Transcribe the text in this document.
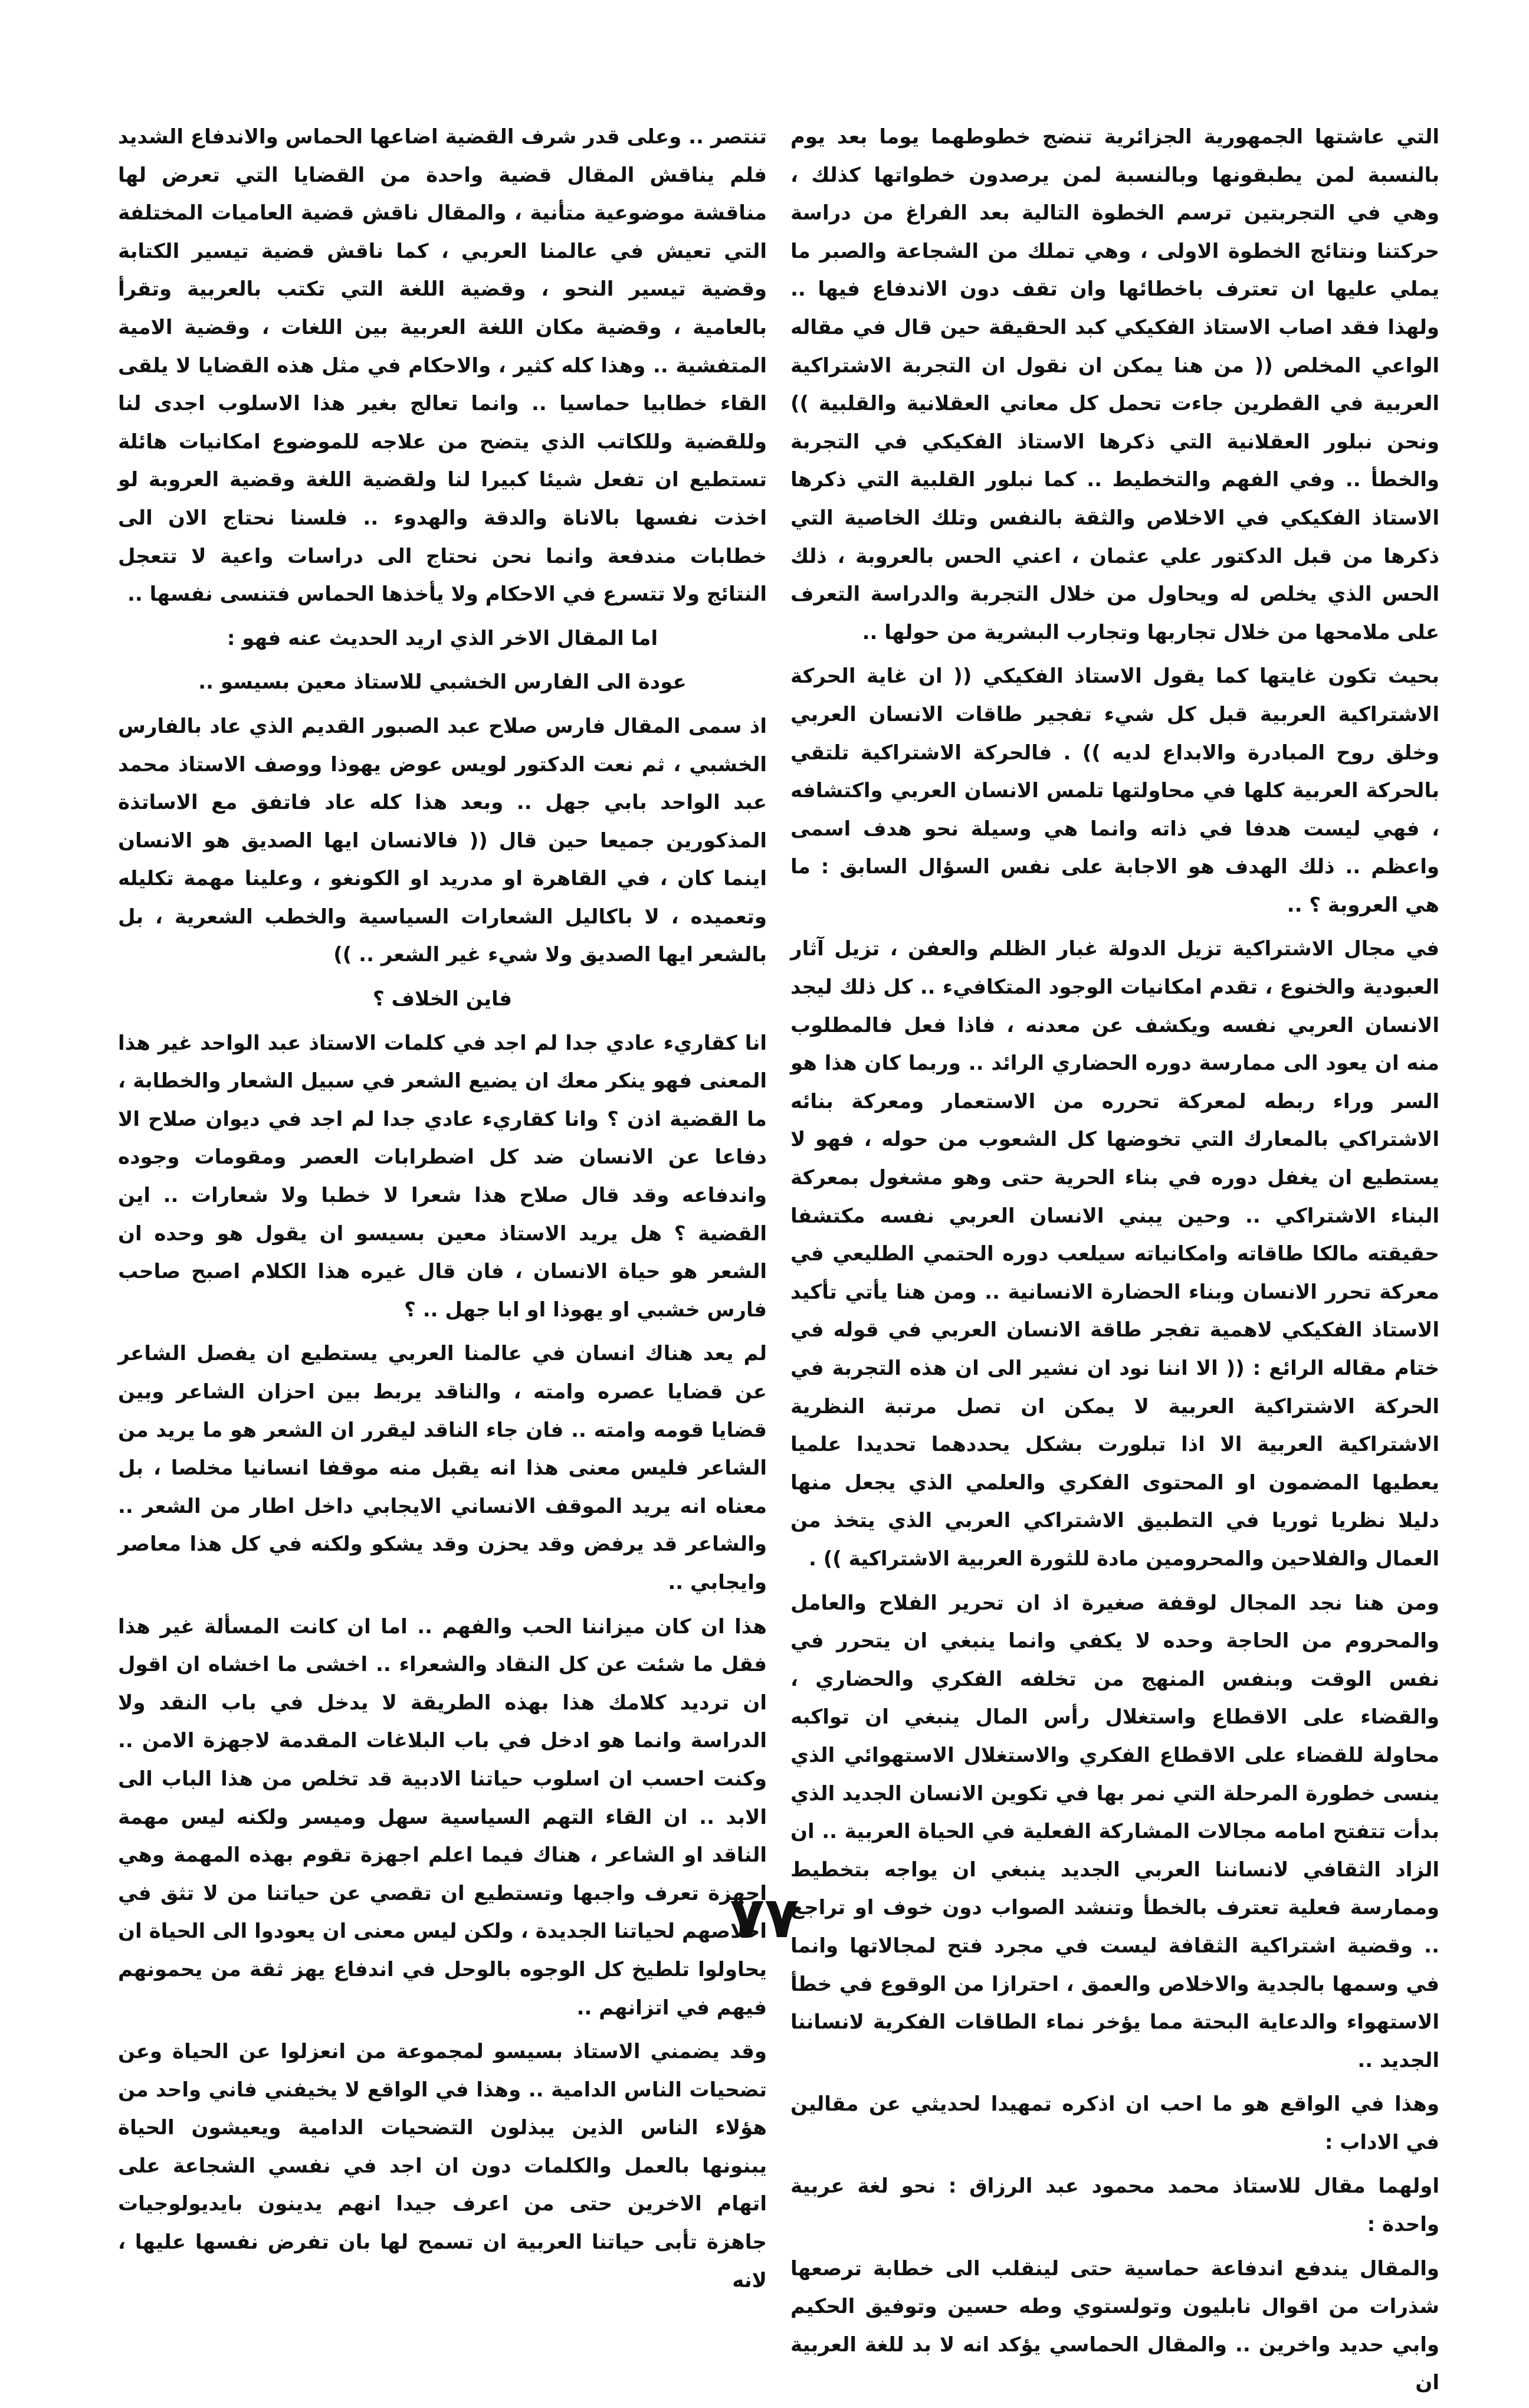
التي عاشتها الجمهورية الجزائرية تنضج خطوطهما يوما بعد يوم بالنسبة لمن يطبقونها وبالنسبة لمن يرصدون خطواتها كذلك ، وهي في التجربتين ترسم الخطوة التالية بعد الفراغ من دراسة حركتنا ونتائج الخطوة الاولى ، وهي تملك من الشجاعة والصبر ما يملي عليها ان تعترف باخطائها وان تقف دون الاندفاع فيها .. ولهذا فقد اصاب الاستاذ الفكيكي كبد الحقيقة حين قال في مقاله الواعي المخلص (( من هنا يمكن ان نقول ان التجربة الاشتراكية العربية في القطرين جاءت تحمل كل معاني العقلانية والقلبية )) ونحن نبلور العقلانية التي ذكرها الاستاذ الفكيكي في التجربة والخطأ .. وفي الفهم والتخطيط .. كما نبلور القلبية التي ذكرها الاستاذ الفكيكي في الاخلاص والثقة بالنفس وتلك الخاصية التي ذكرها من قبل الدكتور علي عثمان ، اعني الحس بالعروبة ، ذلك الحس الذي يخلص له ويحاول من خلال التجربة والدراسة التعرف على ملامحها من خلال تجاربها وتجارب البشرية من حولها ..

بحيث تكون غايتها كما يقول الاستاذ الفكيكي (( ان غاية الحركة الاشتراكية العربية قبل كل شيء تفجير طاقات الانسان العربي وخلق روح المبادرة والابداع لديه )) . فالحركة الاشتراكية تلتقي بالحركة العربية كلها في محاولتها تلمس الانسان العربي واكتشافه ، فهي ليست هدفا في ذاته وانما هي وسيلة نحو هدف اسمى واعظم .. ذلك الهدف هو الاجابة على نفس السؤال السابق : ما هي العروبة ؟ ..

في مجال الاشتراكية تزيل الدولة غبار الظلم والعفن ، تزيل آثار العبودية والخنوع ، تقدم امكانيات الوجود المتكافيء .. كل ذلك ليجد الانسان العربي نفسه ويكشف عن معدنه ، فاذا فعل فالمطلوب منه ان يعود الى ممارسة دوره الحضاري الرائد .. وربما كان هذا هو السر وراء ربطه لمعركة تحرره من الاستعمار ومعركة بنائه الاشتراكي بالمعارك التي تخوضها كل الشعوب من حوله ، فهو لا يستطيع ان يغفل دوره في بناء الحرية حتى وهو مشغول بمعركة البناء الاشتراكي .. وحين يبني الانسان العربي نفسه مكتشفا حقيقته مالكا طاقاته وامكانياته سيلعب دوره الحتمي الطليعي في معركة تحرر الانسان وبناء الحضارة الانسانية .. ومن هنا يأتي تأكيد الاستاذ الفكيكي لاهمية تفجر طاقة الانسان العربي في قوله في ختام مقاله الرائع : (( الا اننا نود ان نشير الى ان هذه التجربة في الحركة الاشتراكية العربية لا يمكن ان تصل مرتبة النظرية الاشتراكية العربية الا اذا تبلورت بشكل يحددهما تحديدا علميا يعطيها المضمون او المحتوى الفكري والعلمي الذي يجعل منها دليلا نظريا ثوريا في التطبيق الاشتراكي العربي الذي يتخذ من العمال والفلاحين والمحرومين مادة للثورة العربية الاشتراكية )) .

ومن هنا نجد المجال لوقفة صغيرة اذ ان تحرير الفلاح والعامل والمحروم من الحاجة وحده لا يكفي وانما ينبغي ان يتحرر في نفس الوقت وبنفس المنهج من تخلفه الفكري والحضاري ، والقضاء على الاقطاع واستغلال رأس المال ينبغي ان تواكبه محاولة للقضاء على الاقطاع الفكري والاستغلال الاستهوائي الذي ينسى خطورة المرحلة التي نمر بها في تكوين الانسان الجديد الذي بدأت تتفتح امامه مجالات المشاركة الفعلية في الحياة العربية .. ان الزاد الثقافي لانساننا العربي الجديد ينبغي ان يواجه بتخطيط وممارسة فعلية تعترف بالخطأ وتنشد الصواب دون خوف او تراجع .. وقضية اشتراكية الثقافة ليست في مجرد فتح لمجالاتها وانما في وسمها بالجدية والاخلاص والعمق ، احترازا من الوقوع في خطأ الاستهواء والدعاية البحتة مما يؤخر نماء الطاقات الفكرية لانساننا الجديد ..

وهذا في الواقع هو ما احب ان اذكره تمهيدا لحديثي عن مقالين في الاداب :

اولهما مقال للاستاذ محمد محمود عبد الرزاق : نحو لغة عربية واحدة :

والمقال يندفع اندفاعة حماسية حتى لينقلب الى خطابة ترصعها شذرات من اقوال نابليون وتولستوي وطه حسين وتوفيق الحكيم وابي حديد واخرين .. والمقال الحماسي يؤكد انه لا بد للغة العربية ان

تنتصر .. وعلى قدر شرف القضية اضاعها الحماس والاندفاع الشديد فلم يناقش المقال قضية واحدة من القضايا التي تعرض لها مناقشة موضوعية متأنية ، والمقال ناقش قضية العاميات المختلفة التي تعيش في عالمنا العربي ، كما ناقش قضية تيسير الكتابة وقضية تيسير النحو ، وقضية اللغة التي تكتب بالعربية وتقرأ بالعامية ، وقضية مكان اللغة العربية بين اللغات ، وقضية الامية المتفشية .. وهذا كله كثير ، والاحكام في مثل هذه القضايا لا يلقى القاء خطابيا حماسيا .. وانما تعالج بغير هذا الاسلوب اجدى لنا وللقضية وللكاتب الذي يتضح من علاجه للموضوع امكانيات هائلة تستطيع ان تفعل شيئا كبيرا لنا ولقضية اللغة وقضية العروبة لو اخذت نفسها بالاناة والدقة والهدوء .. فلسنا نحتاج الان الى خطابات مندفعة وانما نحن نحتاج الى دراسات واعية لا تتعجل النتائج ولا تتسرع في الاحكام ولا يأخذها الحماس فتنسى نفسها ..

اما المقال الاخر الذي اريد الحديث عنه فهو :

عودة الى الفارس الخشبي للاستاذ معين بسيسو ..

اذ سمى المقال فارس صلاح عبد الصبور القديم الذي عاد بالفارس الخشبي ، ثم نعت الدكتور لويس عوض يهوذا ووصف الاستاذ محمد عبد الواحد بابي جهل .. وبعد هذا كله عاد فاتفق مع الاساتذة المذكورين جميعا حين قال (( فالانسان ايها الصديق هو الانسان اينما كان ، في القاهرة او مدريد او الكونغو ، وعلينا مهمة تكليله وتعميده ، لا باكاليل الشعارات السياسية والخطب الشعرية ، بل بالشعر ايها الصديق ولا شيء غير الشعر .. ))

فاين الخلاف ؟

انا كقاريء عادي جدا لم اجد في كلمات الاستاذ عبد الواحد غير هذا المعنى فهو ينكر معك ان يضيع الشعر في سبيل الشعار والخطابة ، ما القضية اذن ؟ وانا كقاريء عادي جدا لم اجد في ديوان صلاح الا دفاعا عن الانسان ضد كل اضطرابات العصر ومقومات وجوده واندفاعه وقد قال صلاح هذا شعرا لا خطبا ولا شعارات .. اين القضية ؟ هل يريد الاستاذ معين بسيسو ان يقول هو وحده ان الشعر هو حياة الانسان ، فان قال غيره هذا الكلام اصبح صاحب فارس خشبي او يهوذا او ابا جهل .. ؟

لم يعد هناك انسان في عالمنا العربي يستطيع ان يفصل الشاعر عن قضايا عصره وامته ، والناقد يربط بين احزان الشاعر وبين قضايا قومه وامته .. فان جاء الناقد ليقرر ان الشعر هو ما يريد من الشاعر فليس معنى هذا انه يقبل منه موقفا انسانيا مخلصا ، بل معناه انه يريد الموقف الانساني الايجابي داخل اطار من الشعر .. والشاعر قد يرفض وقد يحزن وقد يشكو ولكنه في كل هذا معاصر وايجابي ..

هذا ان كان ميزاننا الحب والفهم .. اما ان كانت المسألة غير هذا فقل ما شئت عن كل النقاد والشعراء .. اخشى ما اخشاه ان اقول ان ترديد كلامك هذا بهذه الطريقة لا يدخل في باب النقد ولا الدراسة وانما هو ادخل في باب البلاغات المقدمة لاجهزة الامن .. وكنت احسب ان اسلوب حياتنا الادبية قد تخلص من هذا الباب الى الابد .. ان القاء التهم السياسية سهل وميسر ولكنه ليس مهمة الناقد او الشاعر ، هناك فيما اعلم اجهزة تقوم بهذه المهمة وهي اجهزة تعرف واجبها وتستطيع ان تقصي عن حياتنا من لا تثق في اخلاصهم لحياتنا الجديدة ، ولكن ليس معنى ان يعودوا الى الحياة ان يحاولوا تلطيخ كل الوجوه بالوحل في اندفاع يهز ثقة من يحمونهم فيهم في اتزانهم ..

وقد يضمني الاستاذ بسيسو لمجموعة من انعزلوا عن الحياة وعن تضحيات الناس الدامية .. وهذا في الواقع لا يخيفني فاني واحد من هؤلاء الناس الذين يبذلون التضحيات الدامية ويعيشون الحياة يبنونها بالعمل والكلمات دون ان اجد في نفسي الشجاعة على اتهام الاخرين حتى من اعرف جيدا انهم يدينون بايديولوجيات جاهزة تأبى حياتنا العربية ان تسمح لها بان تفرض نفسها عليها ، لانه

٧٧
